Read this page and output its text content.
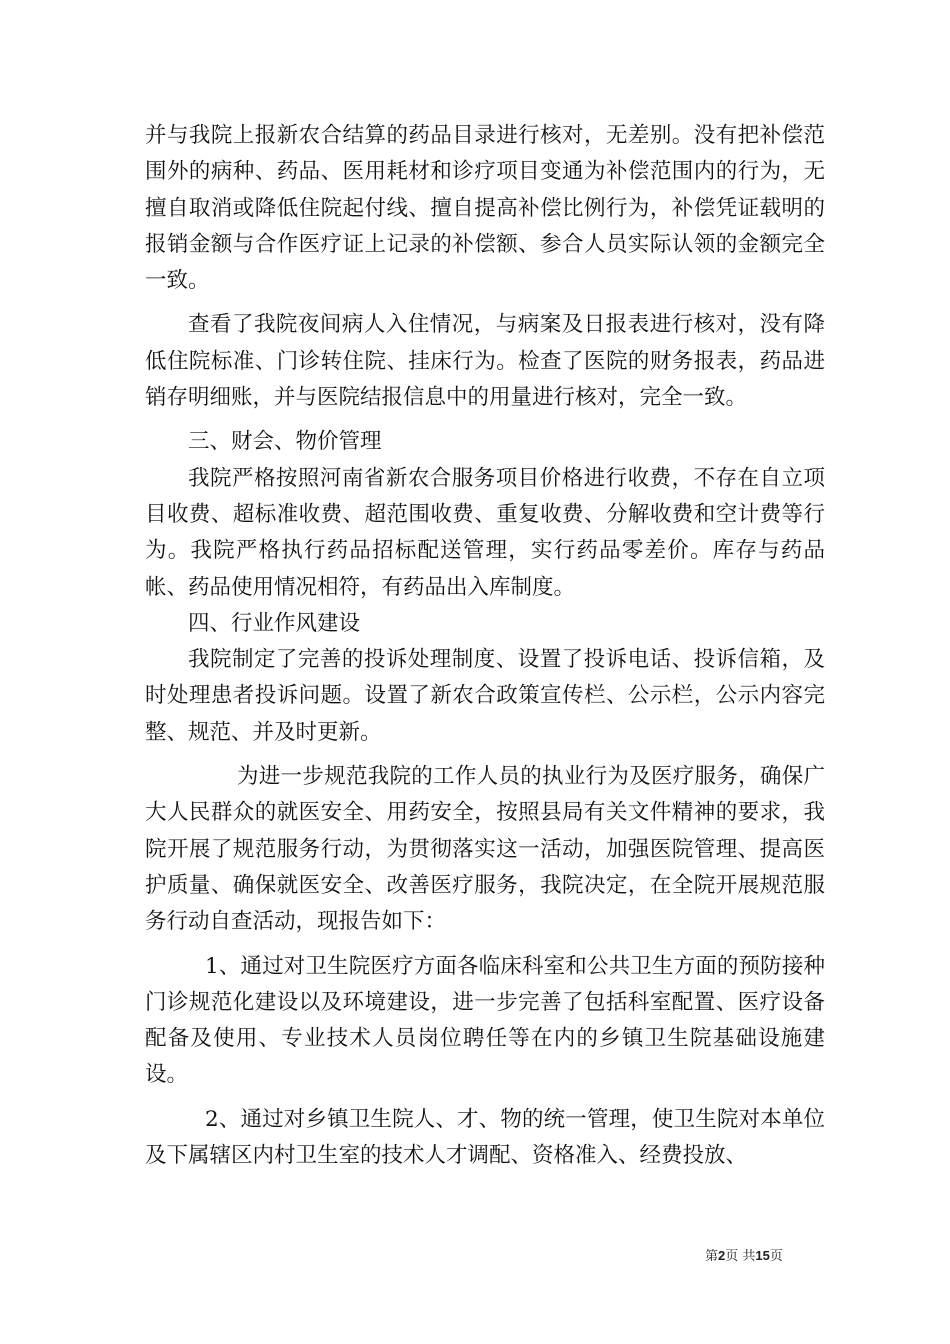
并与我院上报新农合结算的药品目录进行核对，无差别。没有把补偿范围外的病种、药品、医用耗材和诊疗项目变通为补偿范围内的行为，无擅自取消或降低住院起付线、擅自提高补偿比例行为，补偿凭证载明的报销金额与合作医疗证上记录的补偿额、参合人员实际认领的金额完全一致。

查看了我院夜间病人入住情况，与病案及日报表进行核对，没有降低住院标准、门诊转住院、挂床行为。检查了医院的财务报表，药品进销存明细账，并与医院结报信息中的用量进行核对，完全一致。

三、财会、物价管理

我院严格按照河南省新农合服务项目价格进行收费，不存在自立项目收费、超标准收费、超范围收费、重复收费、分解收费和空计费等行为。我院严格执行药品招标配送管理，实行药品零差价。库存与药品帐、药品使用情况相符，有药品出入库制度。

四、行业作风建设

我院制定了完善的投诉处理制度、设置了投诉电话、投诉信箱，及时处理患者投诉问题。设置了新农合政策宣传栏、公示栏，公示内容完整、规范、并及时更新。

为进一步规范我院的工作人员的执业行为及医疗服务，确保广大人民群众的就医安全、用药安全，按照县局有关文件精神的要求，我院开展了规范服务行动，为贯彻落实这一活动，加强医院管理、提高医护质量、确保就医安全、改善医疗服务，我院决定，在全院开展规范服务行动自查活动，现报告如下：

1、通过对卫生院医疗方面各临床科室和公共卫生方面的预防接种门诊规范化建设以及环境建设，进一步完善了包括科室配置、医疗设备配备及使用、专业技术人员岗位聘任等在内的乡镇卫生院基础设施建设。

2、通过对乡镇卫生院人、才、物的统一管理，使卫生院对本单位及下属辖区内村卫生室的技术人才调配、资格准入、经费投放、

第2页 共15页
